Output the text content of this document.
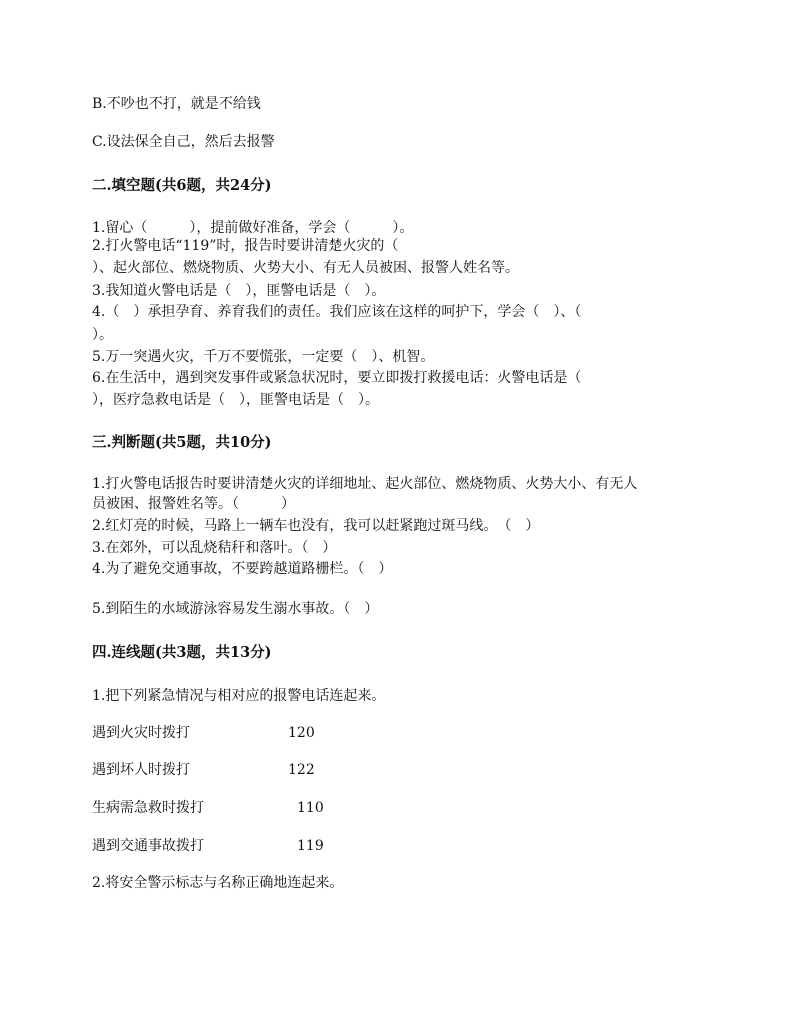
B.不吵也不打，就是不给钱
C.设法保全自己，然后去报警
二.填空题(共6题，共24分)
1.留心（　　　），提前做好准备，学会（　　　）。
2.打火警电话“119”时，报告时要讲清楚火灾的（
）、起火部位、燃烧物质、火势大小、有无人员被困、报警人姓名等。
3.我知道火警电话是（　），匪警电话是（　）。
4.（　）承担孕育、养育我们的责任。我们应该在这样的呵护下，学会（　）、（
）。
5.万一突遇火灾，千万不要慌张，一定要（　）、机智。
6.在生活中，遇到突发事件或紧急状况时，要立即拨打救援电话：火警电话是（
），医疗急救电话是（　），匪警电话是（　）。
三.判断题(共5题，共10分)
1.打火警电话报告时要讲清楚火灾的详细地址、起火部位、燃烧物质、火势大小、有无人
员被困、报警姓名等。（　　　）
2.红灯亮的时候，马路上一辆车也没有，我可以赶紧跑过斑马线。　（　）
3.在郊外，可以乱烧秸秆和落叶。（　）
4.为了避免交通事故，不要跨越道路栅栏。（　）
5.到陌生的水域游泳容易发生溺水事故。（　）
四.连线题(共3题，共13分)
1.把下列紧急情况与相对应的报警电话连起来。
遇到火灾时拨打	120
遇到坏人时拨打	122
生病需急救时拨打	110
遇到交通事故拨打	119
2.将安全警示标志与名称正确地连起来。
